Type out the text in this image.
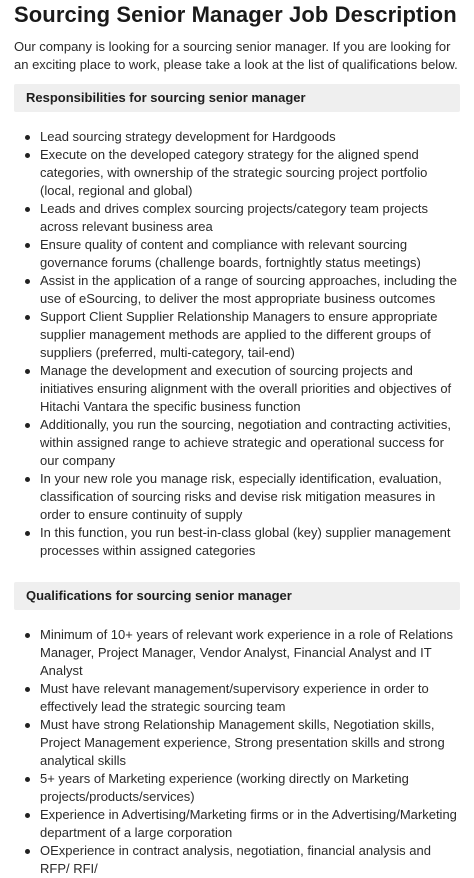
Sourcing Senior Manager Job Description

Our company is looking for a sourcing senior manager. If you are looking for an exciting place to work, please take a look at the list of qualifications below.

Responsibilities for sourcing senior manager
Lead sourcing strategy development for Hardgoods
Execute on the developed category strategy for the aligned spend categories, with ownership of the strategic sourcing project portfolio (local, regional and global)
Leads and drives complex sourcing projects/category team projects across relevant business area
Ensure quality of content and compliance with relevant sourcing governance forums (challenge boards, fortnightly status meetings)
Assist in the application of a range of sourcing approaches, including the use of eSourcing, to deliver the most appropriate business outcomes
Support Client Supplier Relationship Managers to ensure appropriate supplier management methods are applied to the different groups of suppliers (preferred, multi-category, tail-end)
Manage the development and execution of sourcing projects and initiatives ensuring alignment with the overall priorities and objectives of Hitachi Vantara the specific business function
Additionally, you run the sourcing, negotiation and contracting activities, within assigned range to achieve strategic and operational success for our company
In your new role you manage risk, especially identification, evaluation, classification of sourcing risks and devise risk mitigation measures in order to ensure continuity of supply
In this function, you run best-in-class global (key) supplier management processes within assigned categories
Qualifications for sourcing senior manager
Minimum of 10+ years of relevant work experience in a role of Relations Manager, Project Manager, Vendor Analyst, Financial Analyst and IT Analyst
Must have relevant management/supervisory experience in order to effectively lead the strategic sourcing team
Must have strong Relationship Management skills, Negotiation skills, Project Management experience, Strong presentation skills and strong analytical skills
5+ years of Marketing experience (working directly on Marketing projects/products/services)
Experience in Advertising/Marketing firms or in the Advertising/Marketing department of a large corporation
OExperience in contract analysis, negotiation, financial analysis and RFP/ RFI/
